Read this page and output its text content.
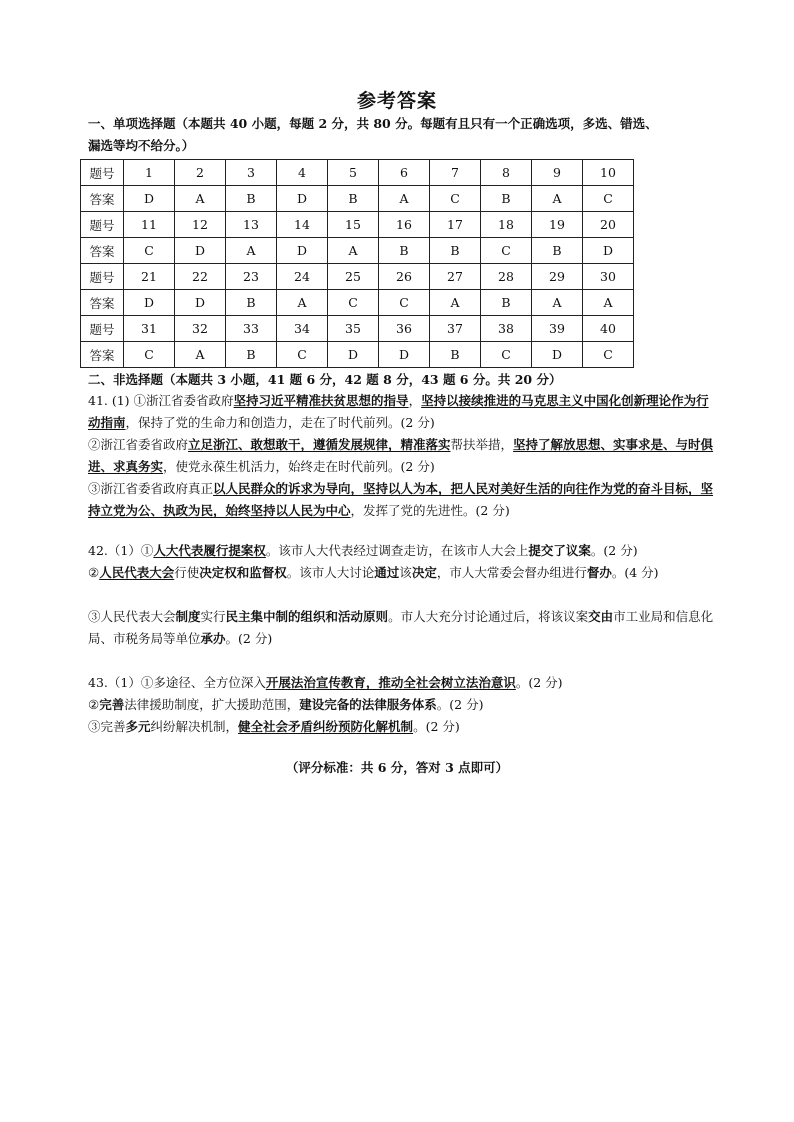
参考答案
一、单项选择题（本题共 40 小题，每题 2 分，共 80 分。每题有且只有一个正确选项，多选、错选、
漏选等均不给分。）
题号	1	2	3	4	5	6	7	8	9	10
答案	D	A	B	D	B	A	C	B	A	C
题号	11	12	13	14	15	16	17	18	19	20
答案	C	D	A	D	A	B	B	C	B	D
题号	21	22	23	24	25	26	27	28	29	30
答案	D	D	B	A	C	C	A	B	A	A
题号	31	32	33	34	35	36	37	38	39	40
答案	C	A	B	C	D	D	B	C	D	C
二、非选择题（本题共 3 小题，41 题 6 分，42 题 8 分，43 题 6 分。共 20 分）
41. (1) ①浙江省委省政府坚持习近平精准扶贫思想的指导，坚持以接续推进的马克思主义中国化创新理论作为行动指南，保持了党的生命力和创造力，走在了时代前列。(2 分)
②浙江省委省政府立足浙江、敢想敢干，遵循发展规律，精准落实帮扶举措，坚持了解放思想、实事求是、与时俱进、求真务实，使党永葆生机活力，始终走在时代前列。(2 分)
③浙江省委省政府真正以人民群众的诉求为导向，坚持以人为本，把人民对美好生活的向往作为党的奋斗目标，坚持立党为公、执政为民，始终坚持以人民为中心，发挥了党的先进性。(2 分)
42.（1）①人大代表履行提案权。该市人大代表经过调查走访，在该市人大会上提交了议案。(2 分)
②人民代表大会行使决定权和监督权。该市人大讨论通过该决定，市人大常委会督办组进行督办。(4 分)
③人民代表大会制度实行民主集中制的组织和活动原则。市人大充分讨论通过后，将该议案交由市工业局和信息化局、市税务局等单位承办。(2 分)
43.（1）①多途径、全方位深入开展法治宣传教育，推动全社会树立法治意识。(2 分)
②完善法律援助制度，扩大援助范围，建设完备的法律服务体系。(2 分)
③完善多元纠纷解决机制，健全社会矛盾纠纷预防化解机制。(2 分)
（评分标准：共 6 分，答对 3 点即可）
